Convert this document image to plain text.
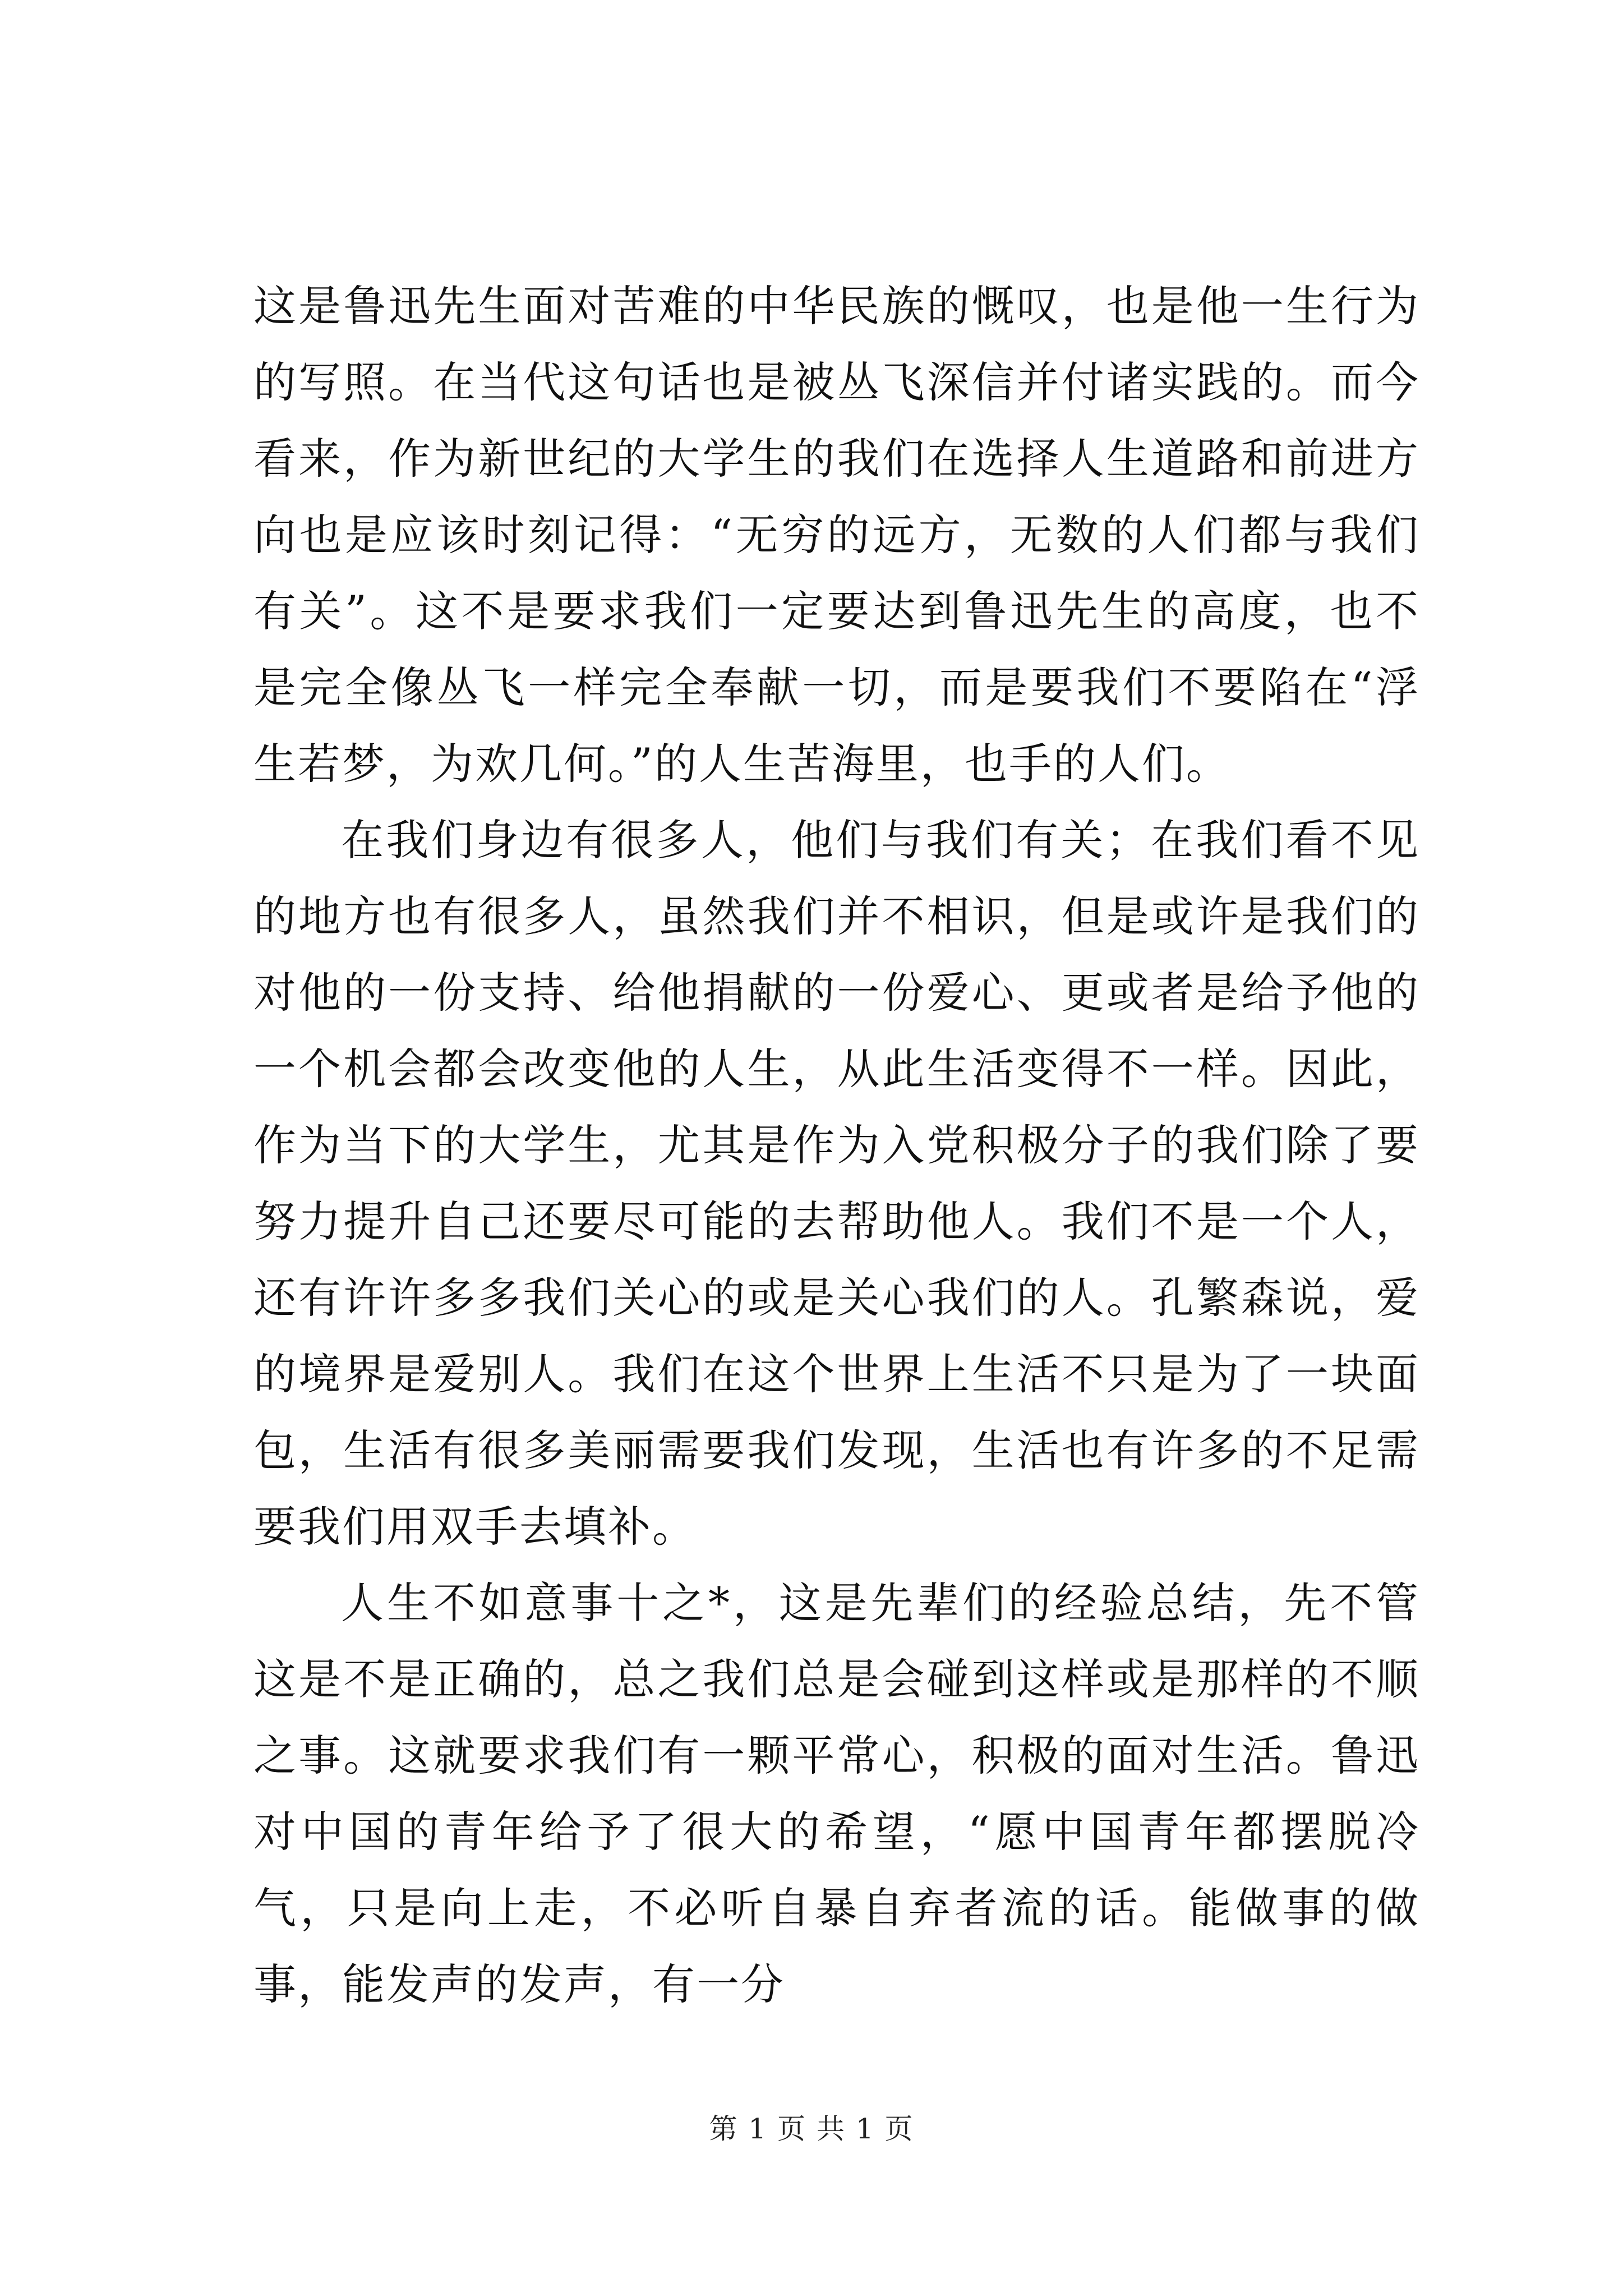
这是鲁迅先生面对苦难的中华民族的慨叹，也是他一生行为的写照。在当代这句话也是被丛飞深信并付诸实践的。而今看来，作为新世纪的大学生的我们在选择人生道路和前进方向也是应该时刻记得：“无穷的远方，无数的人们都与我们有关”。这不是要求我们一定要达到鲁迅先生的高度，也不是完全像丛飞一样完全奉献一切，而是要我们不要陷在“浮生若梦，为欢几何。”的人生苦海里，也手的人们。

在我们身边有很多人，他们与我们有关；在我们看不见的地方也有很多人，虽然我们并不相识，但是或许是我们的对他的一份支持、给他捐献的一份爱心、更或者是给予他的一个机会都会改变他的人生，从此生活变得不一样。因此，作为当下的大学生，尤其是作为入党积极分子的我们除了要努力提升自己还要尽可能的去帮助他人。我们不是一个人，还有许许多多我们关心的或是关心我们的人。孔繁森说，爱的境界是爱别人。我们在这个世界上生活不只是为了一块面包，生活有很多美丽需要我们发现，生活也有许多的不足需要我们用双手去填补。

人生不如意事十之*，这是先辈们的经验总结，先不管这是不是正确的，总之我们总是会碰到这样或是那样的不顺之事。这就要求我们有一颗平常心，积极的面对生活。鲁迅对中国的青年给予了很大的希望，“愿中国青年都摆脱冷气，只是向上走，不必听自暴自弃者流的话。能做事的做事，能发声的发声，有一分

第 1 页 共 1 页
